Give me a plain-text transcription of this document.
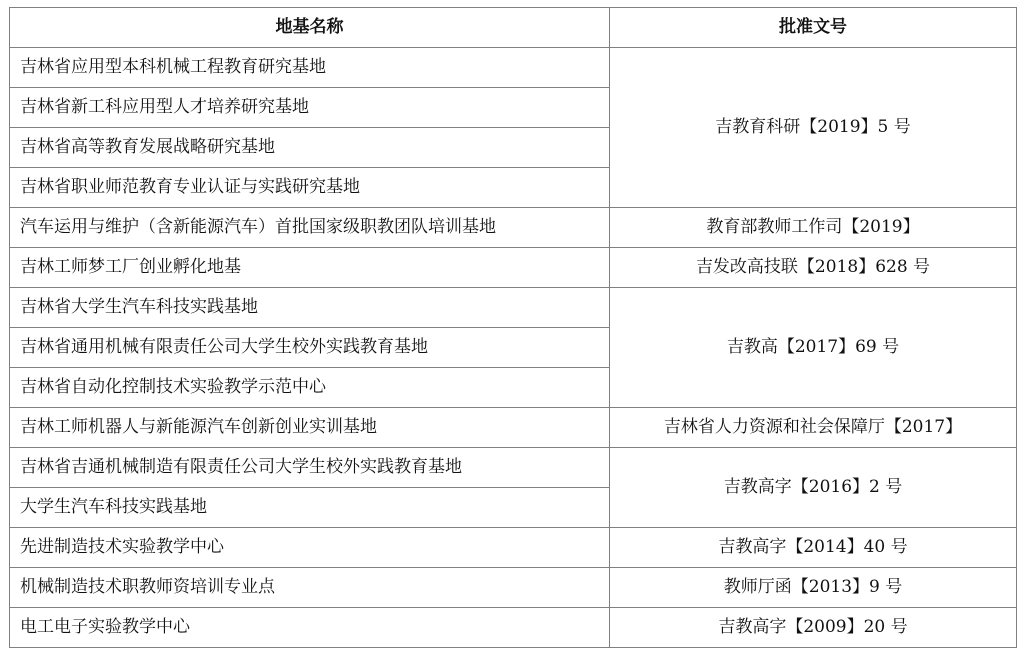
地基名称	批准文号
吉林省应用型本科机械工程教育研究基地	吉教育科研【2019】5 号
吉林省新工科应用型人才培养研究基地	
吉林省高等教育发展战略研究基地	
吉林省职业师范教育专业认证与实践研究基地	
汽车运用与维护（含新能源汽车）首批国家级职教团队培训基地	教育部教师工作司【2019】
吉林工师梦工厂创业孵化地基	吉发改高技联【2018】628 号
吉林省大学生汽车科技实践基地	吉教高【2017】69 号
吉林省通用机械有限责任公司大学生校外实践教育基地	
吉林省自动化控制技术实验教学示范中心	
吉林工师机器人与新能源汽车创新创业实训基地	吉林省人力资源和社会保障厅【2017】
吉林省吉通机械制造有限责任公司大学生校外实践教育基地	吉教高字【2016】2 号
大学生汽车科技实践基地	
先进制造技术实验教学中心	吉教高字【2014】40 号
机械制造技术职教师资培训专业点	教师厅函【2013】9 号
电工电子实验教学中心	吉教高字【2009】20 号
